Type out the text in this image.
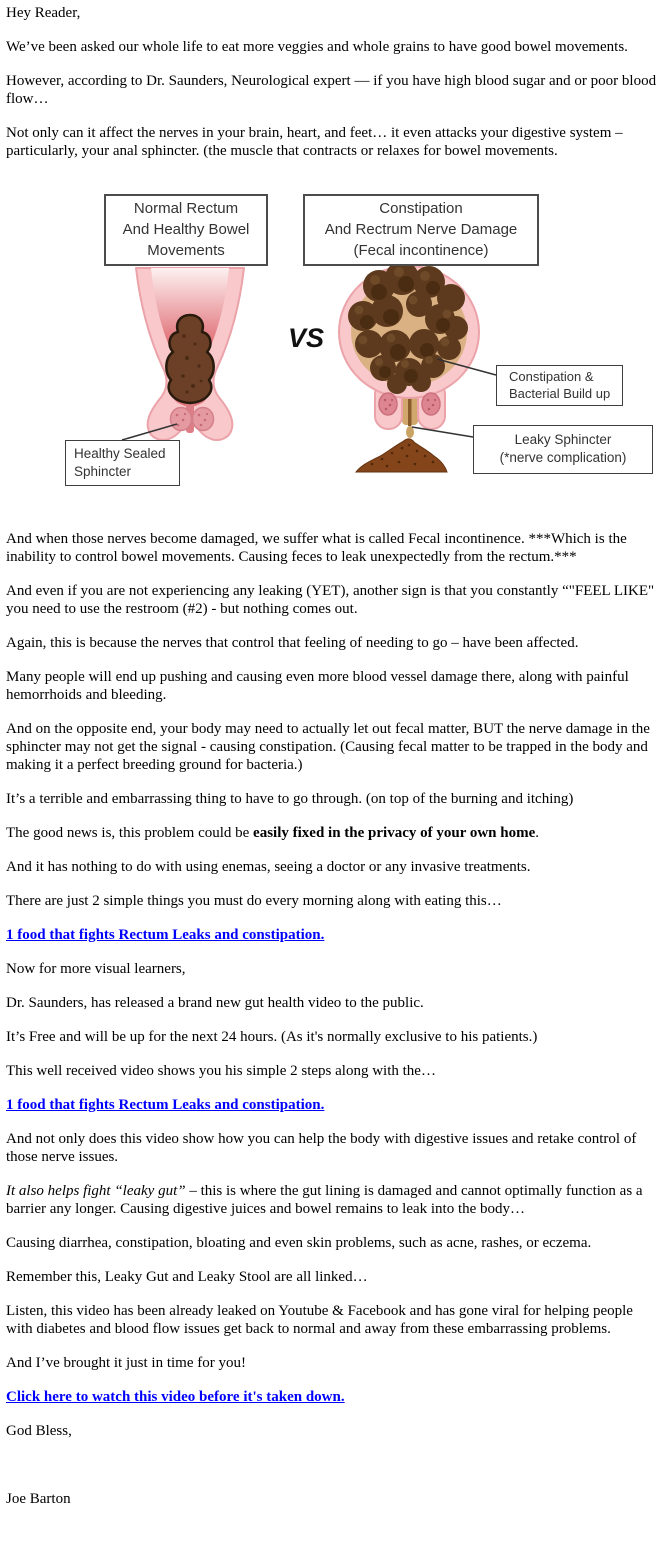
Hey Reader,

We’ve been asked our whole life to eat more veggies and whole grains to have good bowel movements.

However, according to Dr. Saunders, Neurological expert — if you have high blood sugar and or poor blood flow…

Not only can it affect the nerves in your brain, heart, and feet… it even attacks your digestive system – particularly, your anal sphincter. (the muscle that contracts or relaxes for bowel movements.

Normal Rectum
And Healthy Bowel
Movements
Constipation
And Rectrum Nerve Damage
(Fecal incontinence)
VS
Healthy Sealed
Sphincter
Constipation &
Bacterial Build up
Leaky Sphincter
(*nerve complication)

And when those nerves become damaged, we suffer what is called Fecal incontinence. ***Which is the inability to control bowel movements. Causing feces to leak unexpectedly from the rectum.***

And even if you are not experiencing any leaking (YET), another sign is that you constantly “"FEEL LIKE" you need to use the restroom (#2) - but nothing comes out.

Again, this is because the nerves that control that feeling of needing to go – have been affected.

Many people will end up pushing and causing even more blood vessel damage there, along with painful hemorrhoids and bleeding.

And on the opposite end, your body may need to actually let out fecal matter, BUT the nerve damage in the sphincter may not get the signal - causing constipation. (Causing fecal matter to be trapped in the body and making it a perfect breeding ground for bacteria.)

It’s a terrible and embarrassing thing to have to go through. (on top of the burning and itching)

The good news is, this problem could be easily fixed in the privacy of your own home.

And it has nothing to do with using enemas, seeing a doctor or any invasive treatments.

There are just 2 simple things you must do every morning along with eating this…

1 food that fights Rectum Leaks and constipation.

Now for more visual learners,

Dr. Saunders, has released a brand new gut health video to the public.

It’s Free and will be up for the next 24 hours. (As it's normally exclusive to his patients.)

This well received video shows you his simple 2 steps along with the…

1 food that fights Rectum Leaks and constipation.

And not only does this video show how you can help the body with digestive issues and retake control of those nerve issues.

It also helps fight “leaky gut” – this is where the gut lining is damaged and cannot optimally function as a barrier any longer. Causing digestive juices and bowel remains to leak into the body…

Causing diarrhea, constipation, bloating and even skin problems, such as acne, rashes, or eczema.

Remember this, Leaky Gut and Leaky Stool are all linked…

Listen, this video has been already leaked on Youtube & Facebook and has gone viral for helping people with diabetes and blood flow issues get back to normal and away from these embarrassing problems.

And I’ve brought it just in time for you!

Click here to watch this video before it's taken down.

God Bless,

Joe Barton
